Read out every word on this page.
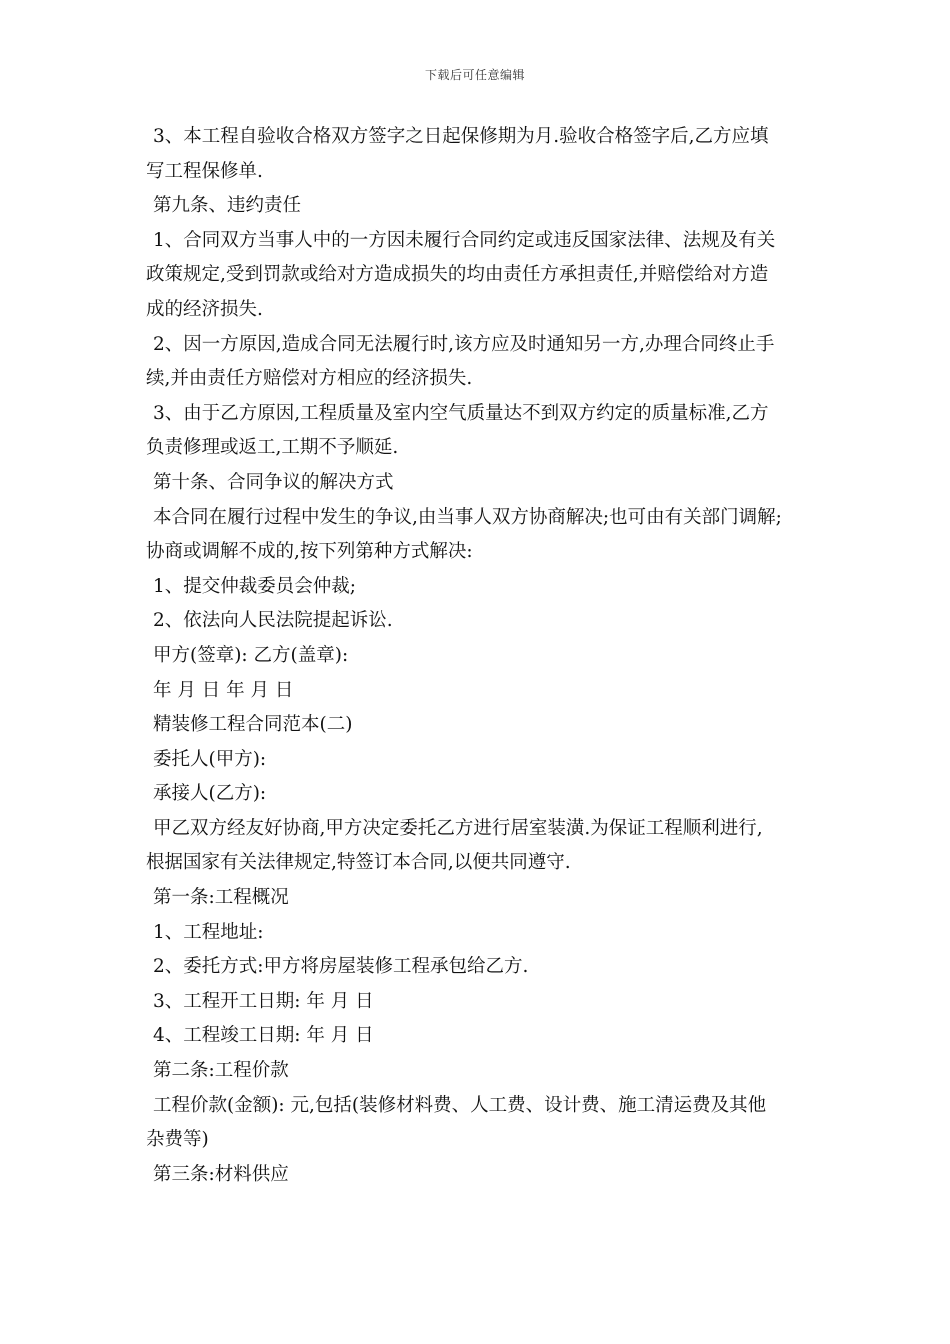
下载后可任意编辑
3、本工程自验收合格双方签字之日起保修期为月.验收合格签字后,乙方应填
写工程保修单.
第九条、违约责任
1、合同双方当事人中的一方因未履行合同约定或违反国家法律、法规及有关
政策规定,受到罚款或给对方造成损失的均由责任方承担责任,并赔偿给对方造
成的经济损失.
2、因一方原因,造成合同无法履行时,该方应及时通知另一方,办理合同终止手
续,并由责任方赔偿对方相应的经济损失.
3、由于乙方原因,工程质量及室内空气质量达不到双方约定的质量标准,乙方
负责修理或返工,工期不予顺延.
第十条、合同争议的解决方式
本合同在履行过程中发生的争议,由当事人双方协商解决;也可由有关部门调解;
协商或调解不成的,按下列第种方式解决:
1、提交仲裁委员会仲裁;
2、依法向人民法院提起诉讼.
甲方(签章): 乙方(盖章):
年 月 日 年 月 日
精装修工程合同范本(二)
委托人(甲方):
承接人(乙方):
甲乙双方经友好协商,甲方决定委托乙方进行居室装潢.为保证工程顺利进行,
根据国家有关法律规定,特签订本合同,以便共同遵守.
第一条:工程概况
1、工程地址:
2、委托方式:甲方将房屋装修工程承包给乙方.
3、工程开工日期: 年 月 日
4、工程竣工日期: 年 月 日
第二条:工程价款
工程价款(金额): 元,包括(装修材料费、人工费、设计费、施工清运费及其他
杂费等)
第三条:材料供应
